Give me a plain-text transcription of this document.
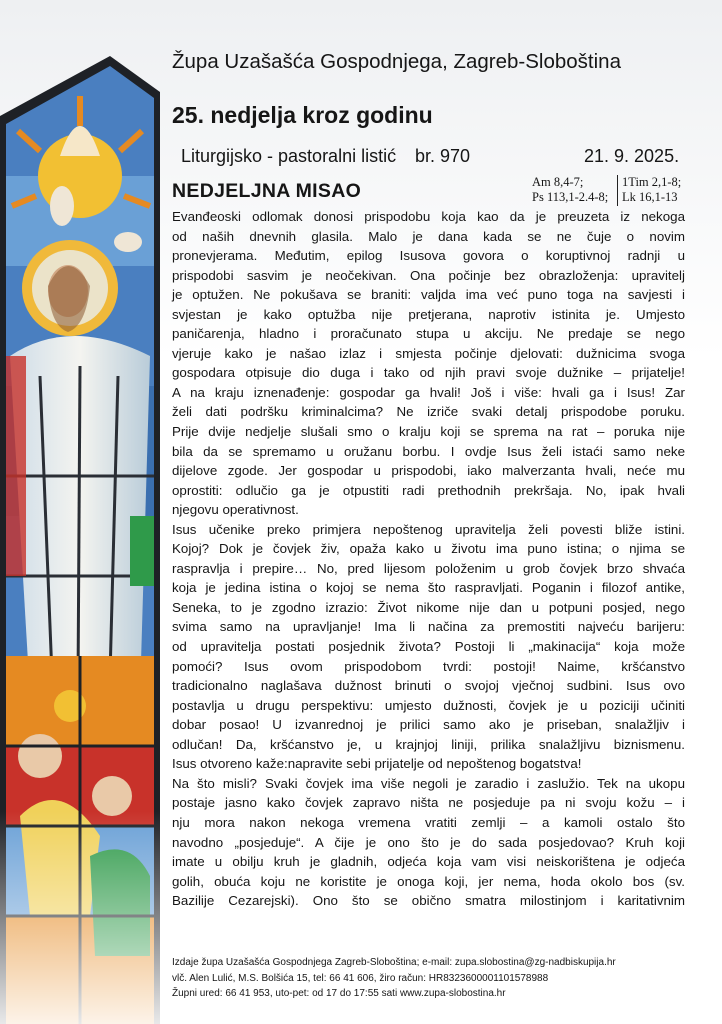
Župa Uzašašća Gospodnjega, Zagreb-Sloboština
25. nedjelja kroz godinu
Liturgijsko - pastoralni listić br. 970	21. 9. 2025.
NEDJELJNA MISAO	Am 8,4-7;
Ps 113,1-2.4-8;
1Tim 2,1-8;
Lk 16,1-13
Evanđeoski odlomak donosi prispodobu koja kao da je preuzeta iz nekoga
od naših dnevnih glasila. Malo je dana kada se ne čuje o novim
pronevjerama. Međutim, epilog Isusova govora o koruptivnoj radnji u
prispodobi sasvim je neočekivan. Ona počinje bez obrazloženja: upravitelj
je optužen. Ne pokušava se braniti: valjda ima već puno toga na savjesti i
svjestan je kako optužba nije pretjerana, naprotiv istinita je. Umjesto
paničarenja, hladno i proračunato stupa u akciju. Ne predaje se nego
vjeruje kako je našao izlaz i smjesta počinje djelovati: dužnicima svoga
gospodara otpisuje dio duga i tako od njih pravi svoje dužnike – prijatelje!
A na kraju iznenađenje: gospodar ga hvali! Još i više: hvali ga i Isus! Zar
želi dati podršku kriminalcima? Ne izriče svaki detalj prispodobe poruku.
Prije dvije nedjelje slušali smo o kralju koji se sprema na rat – poruka nije
bila da se spremamo u oružanu borbu. I ovdje Isus želi istaći samo neke
dijelove zgode. Jer gospodar u prispodobi, iako malverzanta hvali, neće mu
oprostiti: odlučio ga je otpustiti radi prethodnih prekršaja. No, ipak hvali
njegovu operativnost.
Isus učenike preko primjera nepoštenog upravitelja želi povesti bliže istini.
Kojoj? Dok je čovjek živ, opaža kako u životu ima puno istina; o njima se
raspravlja i prepire… No, pred lijesom položenim u grob čovjek brzo shvaća
koja je jedina istina o kojoj se nema što raspravljati. Poganin i filozof antike,
Seneka, to je zgodno izrazio: Život nikome nije dan u potpuni posjed, nego
svima samo na upravljanje! Ima li načina za premostiti najveću barijeru:
od upravitelja postati posjednik života? Postoji li „makinacija“ koja može
pomoći? Isus ovom prispodobom tvrdi: postoji! Naime, kršćanstvo
tradicionalno naglašava dužnost brinuti o svojoj vječnoj sudbini. Isus ovo
postavlja u drugu perspektivu: umjesto dužnosti, čovjek je u poziciji učiniti
dobar posao! U izvanrednoj je prilici samo ako je priseban, snalažljiv i
odlučan! Da, kršćanstvo je, u krajnjoj liniji, prilika snalažljivu biznismenu.
Isus otvoreno kaže:napravite sebi prijatelje od nepoštenog bogatstva!
Na što misli? Svaki čovjek ima više negoli je zaradio i zaslužio. Tek na ukopu
postaje jasno kako čovjek zapravo ništa ne posjeduje pa ni svoju kožu – i
nju mora nakon nekoga vremena vratiti zemlji – a kamoli ostalo što
navodno „posjeduje“. A čije je ono što je do sada posjedovao? Kruh koji
imate u obilju kruh je gladnih, odjeća koja vam visi neiskorištena je odjeća
golih, obuća koju ne koristite je onoga koji, jer nema, hoda okolo bos (sv.
Bazilije Cezarejski). Ono što se obično smatra milostinjom i karitativnim
Izdaje župa Uzašašća Gospodnjega Zagreb-Sloboština; e-mail: zupa.slobostina@zg-nadbiskupija.hr
vlč. Alen Lulić, M.S. Bolšića 15, tel: 66 41 606, žiro račun: HR8323600001101578988
Župni ured: 66 41 953, uto-pet: od 17 do 17:55 sati www.zupa-slobostina.hr
